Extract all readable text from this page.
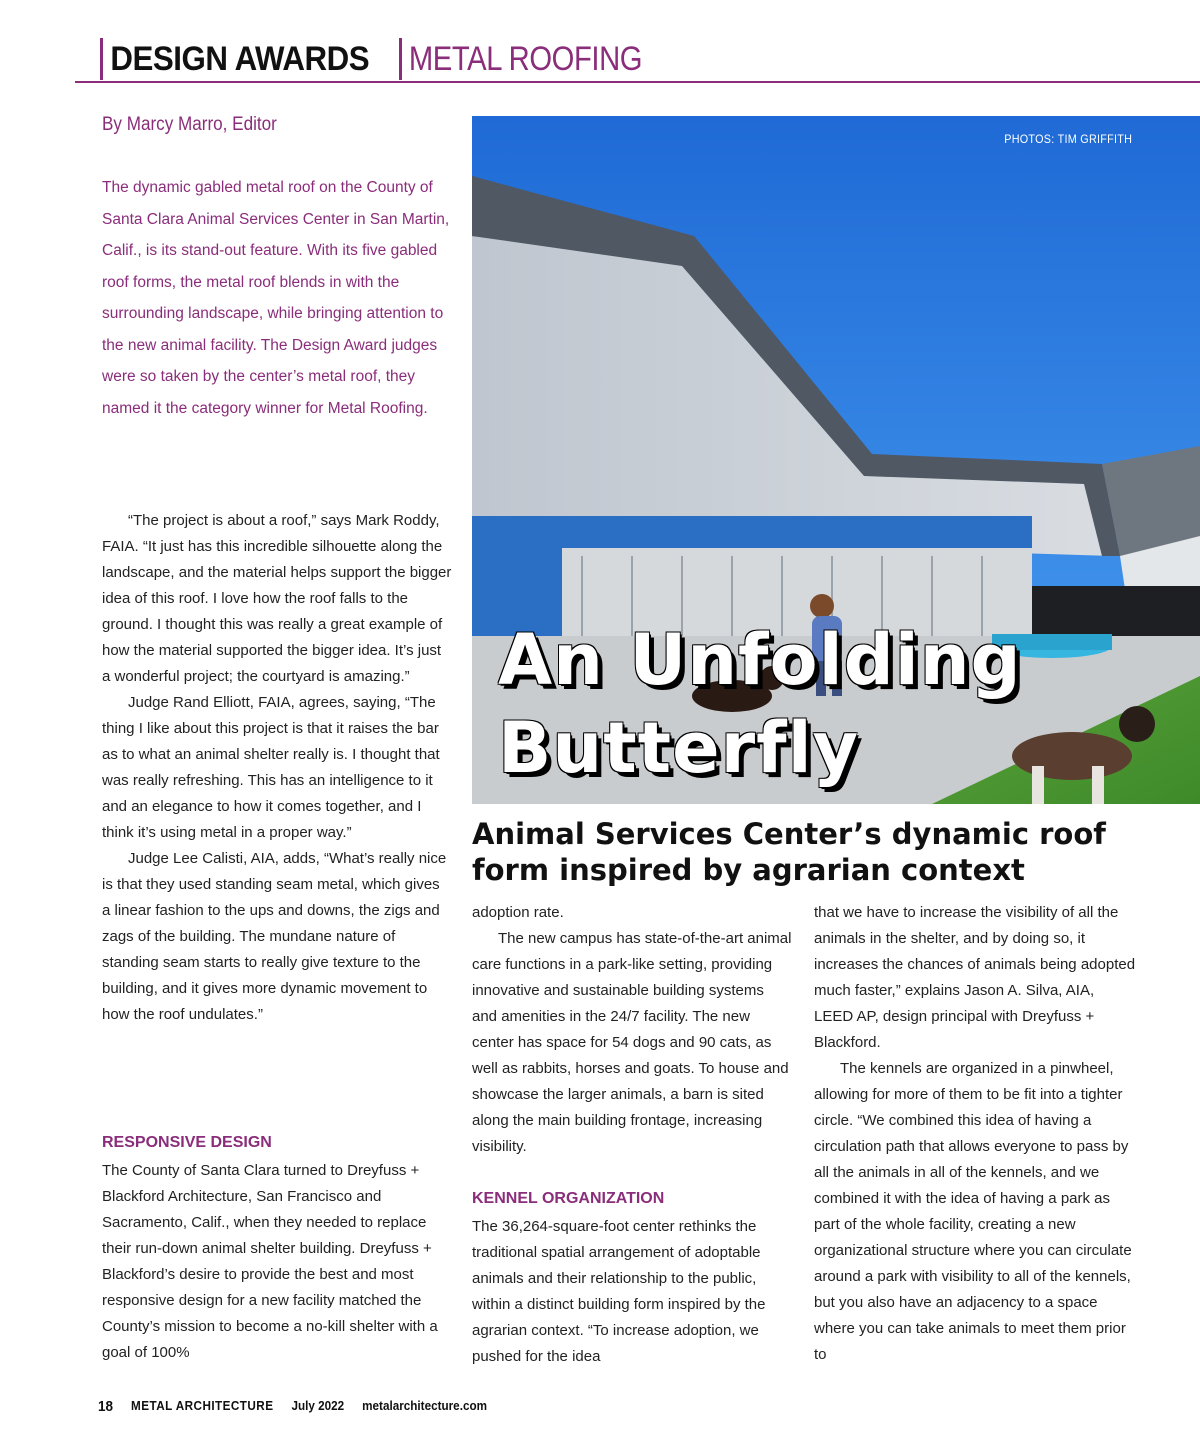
DESIGN AWARDS METAL ROOFING
By Marcy Marro, Editor
The dynamic gabled metal roof on the County of Santa Clara Animal Services Center in San Martin, Calif., is its stand-out feature. With its five gabled roof forms, the metal roof blends in with the surrounding landscape, while bringing attention to the new animal facility. The Design Award judges were so taken by the center’s metal roof, they named it the category winner for Metal Roofing.
PHOTOS: TIM GRIFFITH
An Unfolding
Butterfly
Animal Services Center’s dynamic roof form inspired by agrarian context

“The project is about a roof,” says Mark Roddy, FAIA. “It just has this incredible silhouette along the landscape, and the material helps support the bigger idea of this roof. I love how the roof falls to the ground. I thought this was really a great example of how the material supported the bigger idea. It’s just a wonderful project; the courtyard is amazing.”

Judge Rand Elliott, FAIA, agrees, saying, “The thing I like about this project is that it raises the bar as to what an animal shelter really is. I thought that was really refreshing. This has an intelligence to it and an elegance to how it comes together, and I think it’s using metal in a proper way.”

Judge Lee Calisti, AIA, adds, “What’s really nice is that they used standing seam metal, which gives a linear fashion to the ups and downs, the zigs and zags of the building. The mundane nature of standing seam starts to really give texture to the building, and it gives more dynamic movement to how the roof undulates.”

RESPONSIVE DESIGN

The County of Santa Clara turned to Dreyfuss + Blackford Architecture, San Francisco and Sacramento, Calif., when they needed to replace their run-down animal shelter building. Dreyfuss + Blackford’s desire to provide the best and most responsive design for a new facility matched the County’s mission to become a no-kill shelter with a goal of 100%

adoption rate.

The new campus has state-of-the-art animal care functions in a park-like setting, providing innovative and sustainable building systems and amenities in the 24/7 facility. The new center has space for 54 dogs and 90 cats, as well as rabbits, horses and goats. To house and showcase the larger animals, a barn is sited along the main building frontage, increasing visibility.

KENNEL ORGANIZATION

The 36,264-square-foot center rethinks the traditional spatial arrangement of adoptable animals and their relationship to the public, within a distinct building form inspired by the agrarian context. “To increase adoption, we pushed for the idea

that we have to increase the visibility of all the animals in the shelter, and by doing so, it increases the chances of animals being adopted much faster,” explains Jason A. Silva, AIA, LEED AP, design principal with Dreyfuss + Blackford.

The kennels are organized in a pinwheel, allowing for more of them to be fit into a tighter circle. “We combined this idea of having a circulation path that allows everyone to pass by all the animals in all of the kennels, and we combined it with the idea of having a park as part of the whole facility, creating a new organizational structure where you can circulate around a park with visibility to all of the kennels, but you also have an adjacency to a space where you can take animals to meet them prior to

18 METAL ARCHITECTURE July 2022 metalarchitecture.com
